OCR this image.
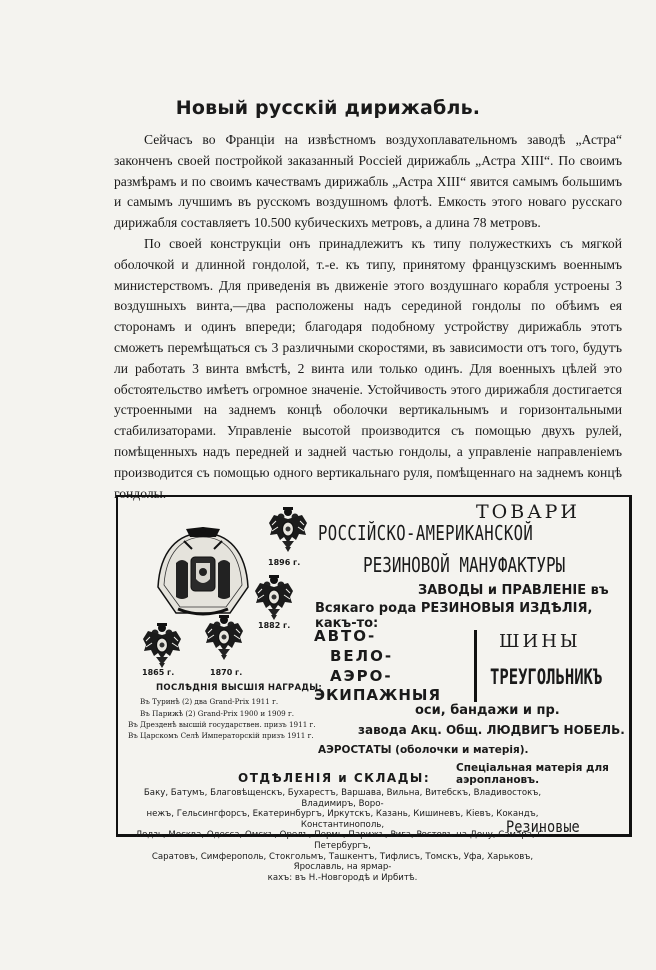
Новый русскій дирижабль.

Сейчасъ во Франціи на извѣстномъ воздухоплавательномъ заводѣ „Астра“ законченъ своей постройкой заказанный Россіей дирижабль „Астра XIII“. По своимъ размѣрамъ и по своимъ качествамъ дирижабль „Астра XIII“ явится самымъ большимъ и самымъ лучшимъ въ русскомъ воздушномъ флотѣ. Емкость этого новаго русскаго дирижабля составляетъ 10.500 кубическихъ метровъ, а длина 78 метровъ.

По своей конструкціи онъ принадлежитъ къ типу полужесткихъ съ мягкой оболочкой и длинной гондолой, т.-е. къ типу, принятому французскимъ военнымъ министерствомъ. Для приведенія въ движеніе этого воздушнаго корабля устроены 3 воздушныхъ винта,—два расположены надъ серединой гондолы по обѣимъ ея сторонамъ и одинъ впереди; благодаря подобному устройству дирижабль этотъ сможетъ перемѣщаться съ 3 различными скоростями, въ зависимости отъ того, будутъ ли работать 3 винта вмѣстѣ, 2 винта или только одинъ. Для военныхъ цѣлей это обстоятельство имѣетъ огромное значеніе. Устойчивость этого дирижабля достигается устроенными на заднемъ концѣ оболочки вертикальнымъ и горизонтальными стабилизаторами. Управленіе высотой производится съ помощью двухъ рулей, помѣщенныхъ надъ передней и задней частью гондолы, а управленіе направленіемъ производится съ помощью одного вертикальнаго руля, помѣщеннаго на заднемъ концѣ гондолы.

1896 г.
1882 г.
1865 г.	1870 г.
ПОСЛѢДНІЯ ВЫСШІЯ НАГРАДЫ:
Въ Туринѣ (2) два Grand-Prix 1911 г.
Въ Парижѣ (2) Grand-Prix 1900 и 1909 г.
Въ Дрезденѣ высшій государствен. призъ 1911 г.
Въ Царскомъ Селѣ Императорскій призъ 1911 г.
ТОВАРИ
РОССІЙСКО-АМЕРИКАНСКОЙ
РЕЗИНОВОЙ МАНУФАКТУРЫ
ЗАВОДЫ и ПРАВЛЕНІЕ въ
Всякаго рода РЕЗИНОВЫЯ ИЗДѢЛІЯ, какъ-то:
АВТО-
ВЕЛО-
АЭРО-
ЭКИПАЖНЫЯ
ШИНЫ
ТРЕУГОЛЬНИКЪ
оси, бандажи и пр.
завода Акц. Общ. ЛЮДВИГЪ НОБЕЛЬ.
АЭРОСТАТЫ (оболочки и матерія).
Спеціальная матерія для аэроплановъ.
ОТДѢЛЕНІЯ и СКЛАДЫ:
Баку, Батумъ, Благовѣщенскъ, Бухарестъ, Варшава, Вильна, Витебскъ, Владивостокъ, Владимиръ, Воро-
нежъ, Гельсингфорсъ, Екатеринбургъ, Иркутскъ, Казань, Кишиневъ, Кіевъ, Кокандъ, Константинополь,
Лодзь, Москва, Одесса, Омскъ, Орелъ, Пермь, Парижъ, Рига, Ростовъ-на-Дону, Самара, С.-Петербургъ,
Саратовъ, Симферополь, Стокгольмъ, Ташкентъ, Тифлисъ, Томскъ, Уфа, Харьковъ, Ярославль, на ярмар-
кахъ: въ Н.-Новгородѣ и Ирбитѣ.
Резиновые
